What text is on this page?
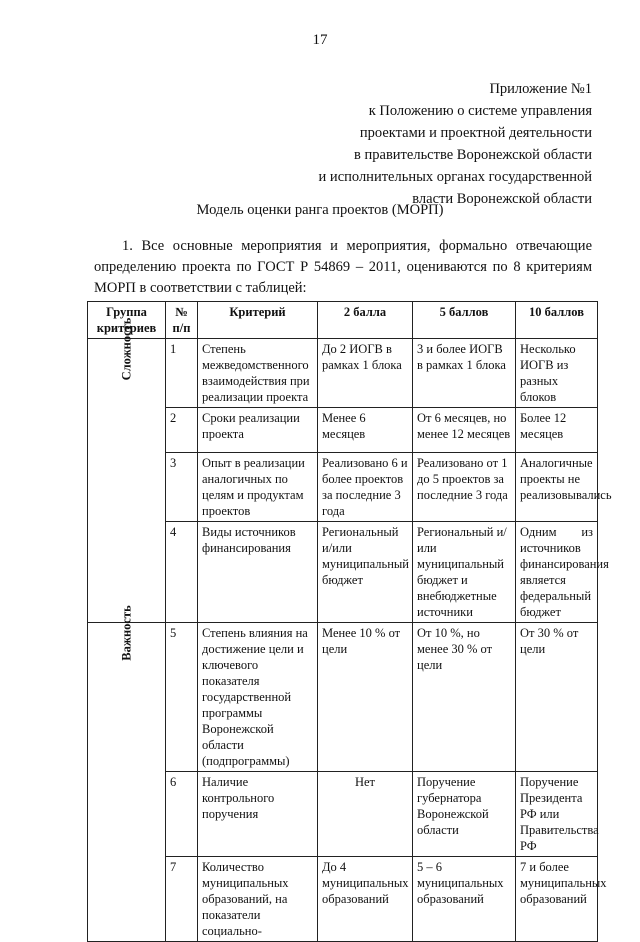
17
Приложение №1
к Положению о системе управления
проектами и проектной деятельности
в правительстве Воронежской области
и исполнительных органах государственной
власти Воронежской области
Модель оценки ранга проектов (МОРП)

1. Все основные мероприятия и мероприятия, формально отвечающие определению проекта по ГОСТ Р 54869 – 2011, оцениваются по 8 критериям МОРП в соответствии с таблицей:

Группа критериев	№ п/п	Критерий	2 балла	5 баллов	10 баллов
Сложность	1	Степень межведомственного взаимодействия при реализации проекта	До 2 ИОГВ в рамках 1 блока	3 и более ИОГВ в рамках 1 блока	Несколько ИОГВ из разных блоков
	2	Сроки реализации проекта	Менее 6 месяцев	От 6 месяцев, но менее 12 месяцев	Более 12 месяцев
	3	Опыт в реализации аналогичных по целям и продуктам проектов	Реализовано 6 и более проектов за последние 3 года	Реализовано от 1 до 5 проектов за последние 3 года	Аналогичные проекты не реализовывались
	4	Виды источников финансирования	Региональный и/или муниципальный бюджет	Региональный и/или муниципальный бюджет и внебюджетные источники	Одним из источников финансирования является федеральный бюджет
Важность	5	Степень влияния на достижение цели и ключевого показателя государственной программы Воронежской области (подпрограммы)	Менее 10 % от цели	От 10 %, но менее 30 % от цели	От 30 % от цели
	6	Наличие контрольного поручения	Нет	Поручение губернатора Воронежской области	Поручение Президента РФ или Правительства РФ
	7	Количество муниципальных образований, на показатели социально-	До 4 муниципальных образований	5 – 6 муниципальных образований	7 и более муниципальных образований
